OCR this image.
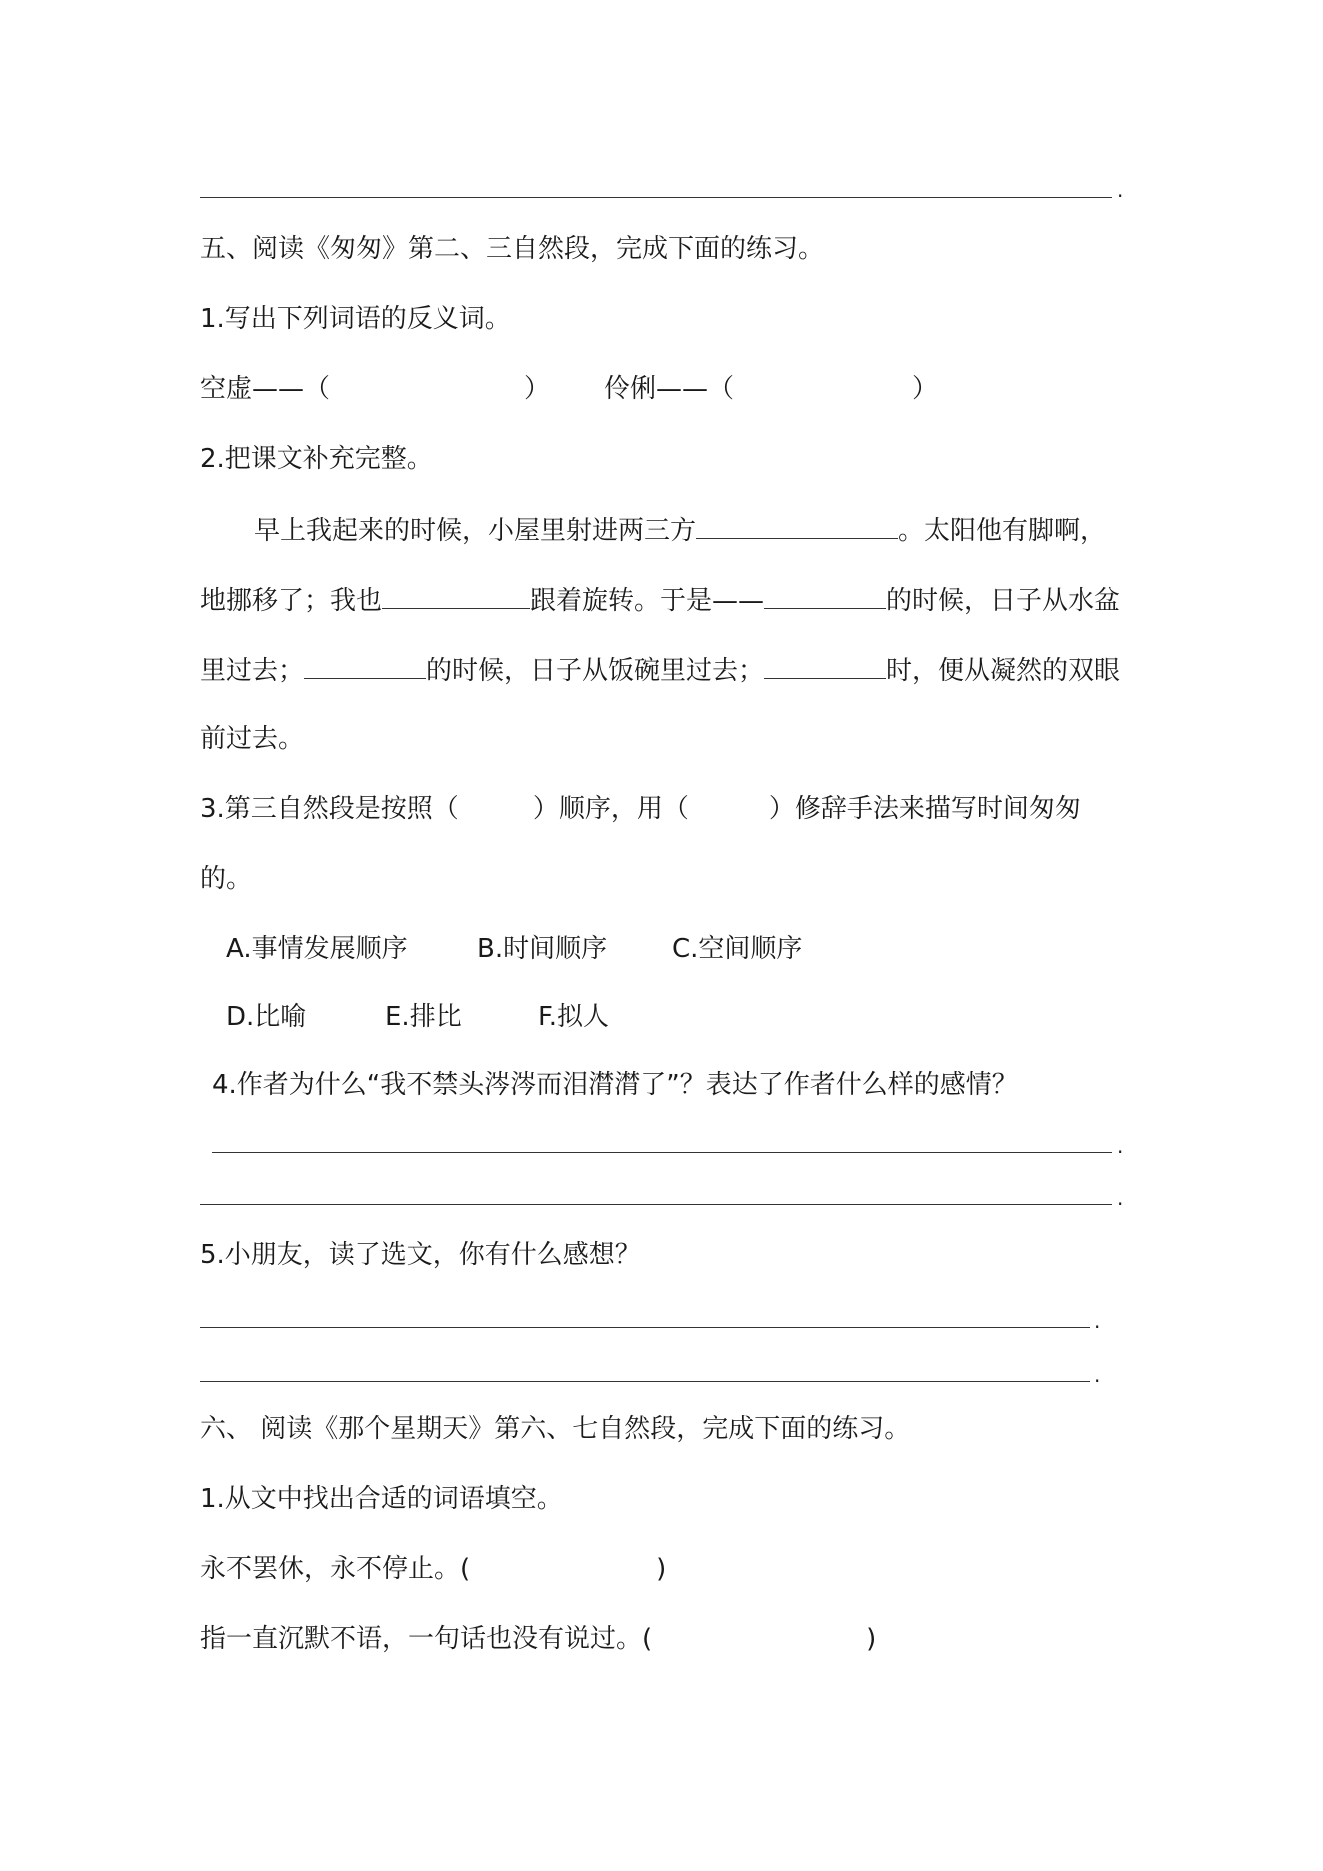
.
五、阅读《匆匆》第二、三自然段，完成下面的练习。
1.写出下列词语的反义词。
空虚——（	） 伶俐——（	）
2.把课文补充完整。
早上我起来的时候，小屋里射进两三方	。太阳他有脚啊，
地挪移了；我也	跟着旋转。于是——	的时候，日子从水盆
里过去；	的时候，日子从饭碗里过去；	时，便从凝然的双眼
前过去。
3.第三自然段是按照（	）顺序，用（	）修辞手法来描写时间匆匆
的。
A.事情发展顺序	B.时间顺序 C.空间顺序
D.比喻	E.排比	F.拟人
4.作者为什么“我不禁头涔涔而泪潸潸了”？表达了作者什么样的感情？
.
.
5.小朋友，读了选文，你有什么感想？
.
.
六、 阅读《那个星期天》第六、七自然段，完成下面的练习。
1.从文中找出合适的词语填空。
永不罢休，永不停止。(	)
指一直沉默不语，一句话也没有说过。(	)
